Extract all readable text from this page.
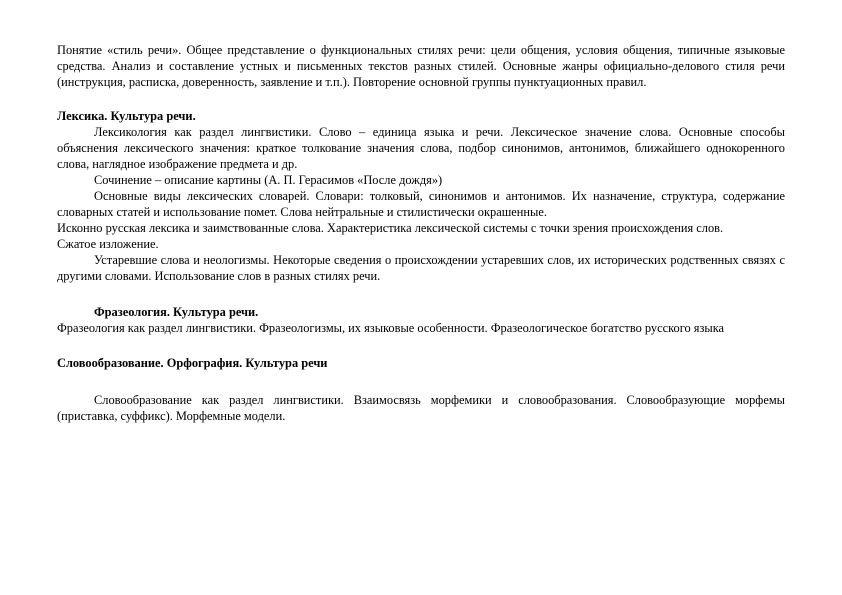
Понятие «стиль речи». Общее представление о функциональных стилях речи: цели общения, условия общения, типичные языковые средства. Анализ и составление устных и письменных текстов разных стилей. Основные жанры официально-делового стиля речи (инструкция, расписка, доверенность, заявление и т.п.). Повторение основной группы пунктуационных правил.

Лексика. Культура речи.

Лексикология как раздел лингвистики. Слово – единица языка и речи. Лексическое значение слова. Основные способы объяснения лексического значения: краткое толкование значения слова, подбор синонимов, антонимов, ближайшего однокоренного слова, наглядное изображение предмета и др.

Сочинение – описание картины (А. П. Герасимов «После дождя»)

Основные виды лексических словарей. Словари: толковый, синонимов и антонимов. Их назначение, структура, содержание словарных статей и использование помет. Слова нейтральные и стилистически окрашенные.

Исконно русская лексика и заимствованные слова. Характеристика лексической системы с точки зрения происхождения слов.

Сжатое изложение.

Устаревшие слова и неологизмы. Некоторые сведения о происхождении устаревших слов, их исторических родственных связях с другими словами. Использование слов в разных стилях речи.

Фразеология. Культура речи.

Фразеология как раздел лингвистики. Фразеологизмы, их языковые особенности. Фразеологическое богатство русского языка

Словообразование. Орфография. Культура речи

Словообразование как раздел лингвистики. Взаимосвязь морфемики и словообразования. Словообразующие морфемы (приставка, суффикс). Морфемные модели.
